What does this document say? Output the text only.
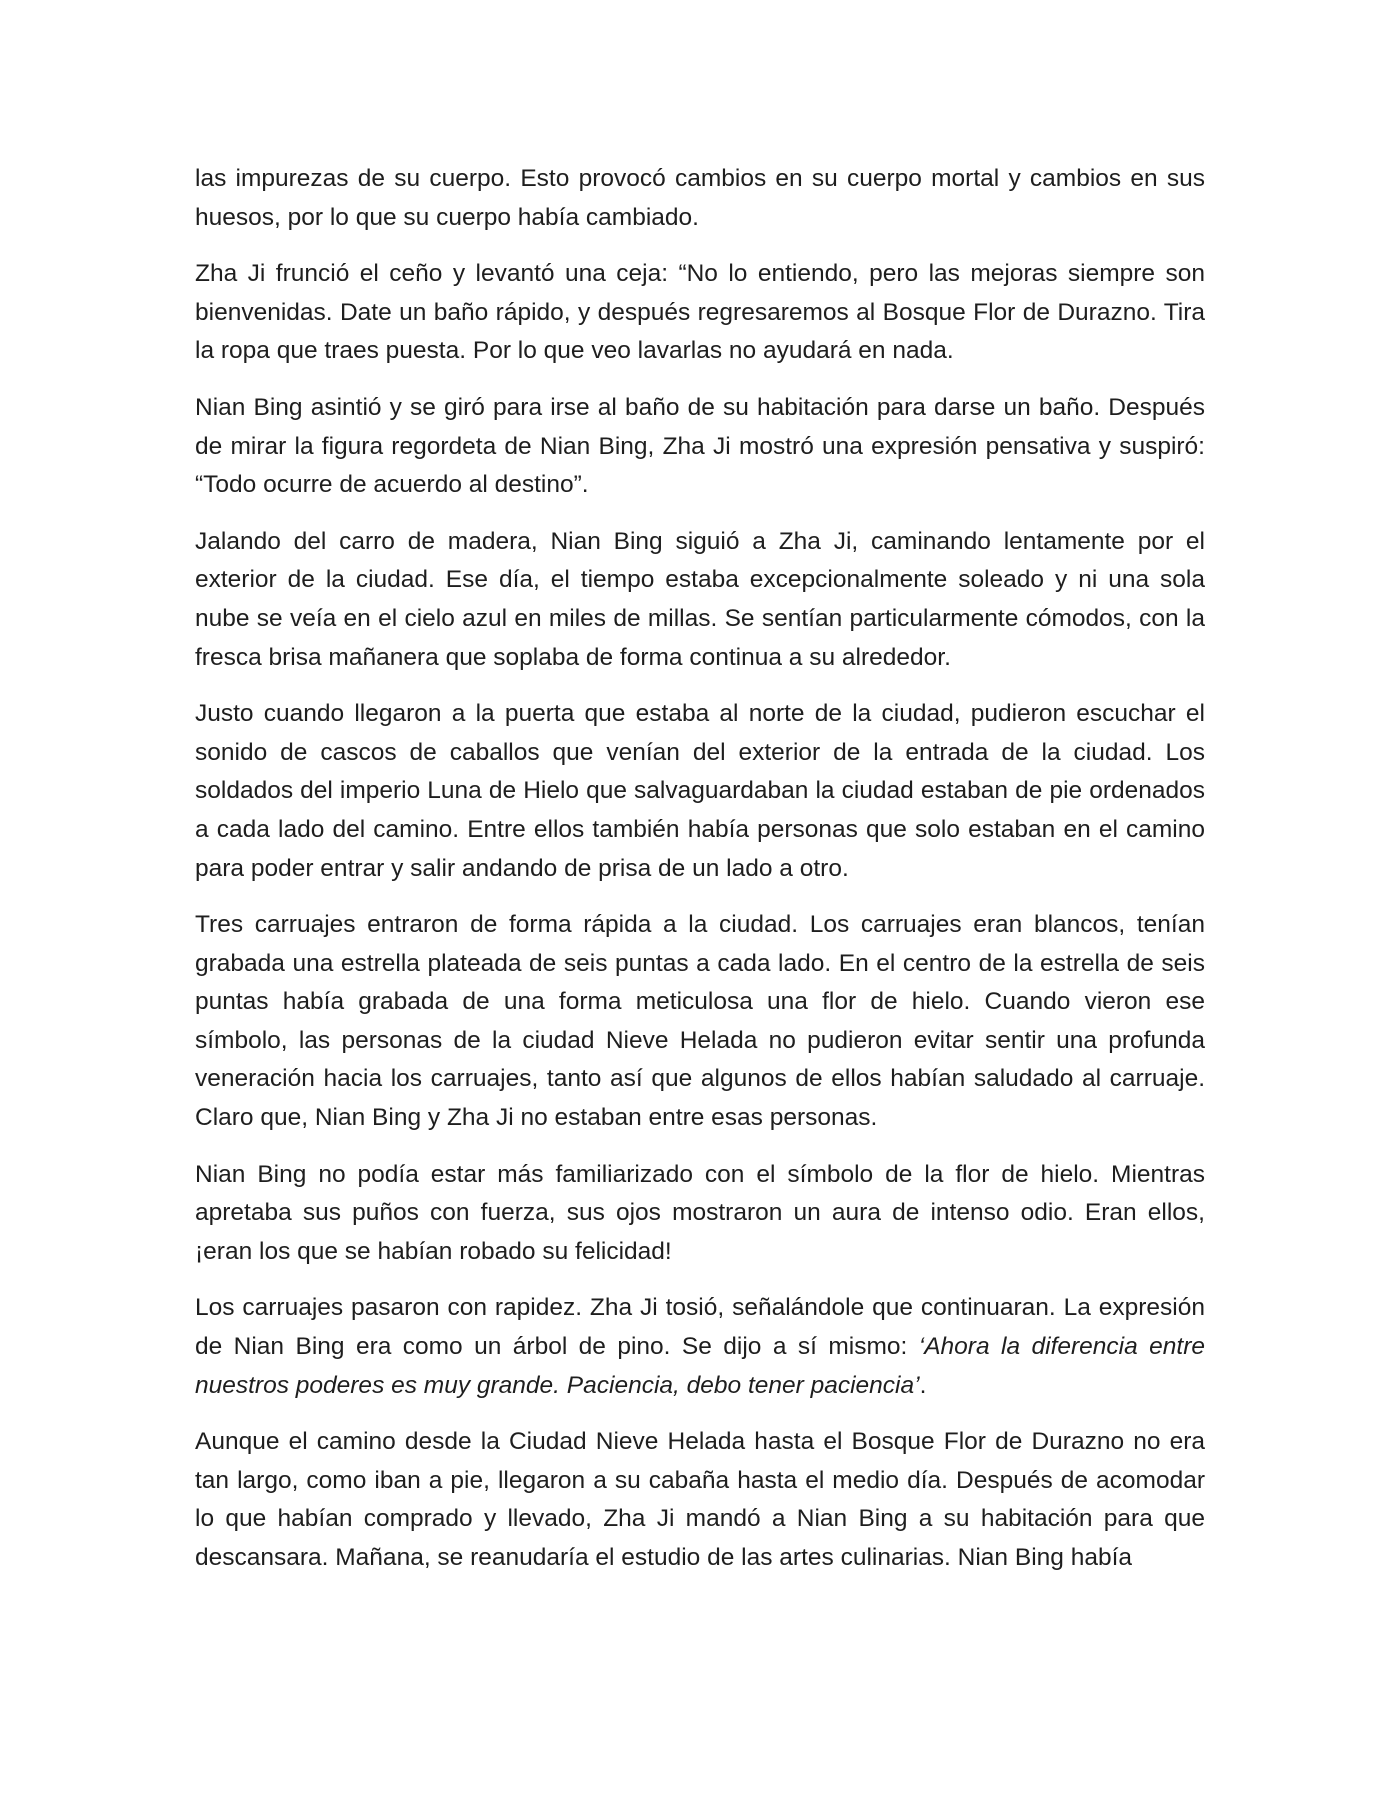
las impurezas de su cuerpo. Esto provocó cambios en su cuerpo mortal y cambios en sus huesos, por lo que su cuerpo había cambiado.

Zha Ji frunció el ceño y levantó una ceja: “No lo entiendo, pero las mejoras siempre son bienvenidas. Date un baño rápido, y después regresaremos al Bosque Flor de Durazno. Tira la ropa que traes puesta. Por lo que veo lavarlas no ayudará en nada.

Nian Bing asintió y se giró para irse al baño de su habitación para darse un baño. Después de mirar la figura regordeta de Nian Bing, Zha Ji mostró una expresión pensativa y suspiró: “Todo ocurre de acuerdo al destino”.

Jalando del carro de madera, Nian Bing siguió a Zha Ji, caminando lentamente por el exterior de la ciudad. Ese día, el tiempo estaba excepcionalmente soleado y ni una sola nube se veía en el cielo azul en miles de millas. Se sentían particularmente cómodos, con la fresca brisa mañanera que soplaba de forma continua a su alrededor.

Justo cuando llegaron a la puerta que estaba al norte de la ciudad, pudieron escuchar el sonido de cascos de caballos que venían del exterior de la entrada de la ciudad. Los soldados del imperio Luna de Hielo que salvaguardaban la ciudad estaban de pie ordenados a cada lado del camino. Entre ellos también había personas que solo estaban en el camino para poder entrar y salir andando de prisa de un lado a otro.

Tres carruajes entraron de forma rápida a la ciudad. Los carruajes eran blancos, tenían grabada una estrella plateada de seis puntas a cada lado. En el centro de la estrella de seis puntas había grabada de una forma meticulosa una flor de hielo. Cuando vieron ese símbolo, las personas de la ciudad Nieve Helada no pudieron evitar sentir una profunda veneración hacia los carruajes, tanto así que algunos de ellos habían saludado al carruaje. Claro que, Nian Bing y Zha Ji no estaban entre esas personas.

Nian Bing no podía estar más familiarizado con el símbolo de la flor de hielo. Mientras apretaba sus puños con fuerza, sus ojos mostraron un aura de intenso odio. Eran ellos, ¡eran los que se habían robado su felicidad!

Los carruajes pasaron con rapidez. Zha Ji tosió, señalándole que continuaran. La expresión de Nian Bing era como un árbol de pino. Se dijo a sí mismo: ‘Ahora la diferencia entre nuestros poderes es muy grande. Paciencia, debo tener paciencia’.

Aunque el camino desde la Ciudad Nieve Helada hasta el Bosque Flor de Durazno no era tan largo, como iban a pie, llegaron a su cabaña hasta el medio día. Después de acomodar lo que habían comprado y llevado, Zha Ji mandó a Nian Bing a su habitación para que descansara. Mañana, se reanudaría el estudio de las artes culinarias. Nian Bing había
